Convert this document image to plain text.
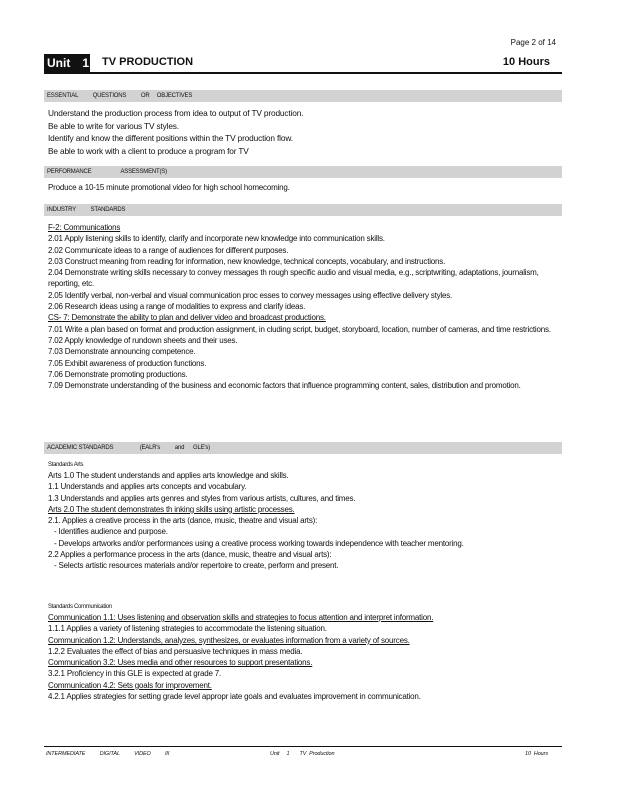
Page 2 of 14
Unit 1 TV PRODUCTION	10 Hours
ESSENTIAL          QUESTIONS          OR     OBJECTIVES
Understand the production process from idea to output of TV production.
Be able to write for various TV styles.
Identify and know the different positions within the TV production flow.
Be able to work with a client to produce a program for TV
PERFORMANCE                    ASSESSMENT(S)
Produce a 10-15 minute promotional video for high school homecoming.
INDUSTRY          STANDARDS
F-2: Communications
2.01 Apply listening skills to identify, clarify and incorporate new knowledge into communication skills.
2.02 Communicate ideas to a range of audiences for different purposes.
2.03 Construct meaning from reading for information, new knowledge, technical concepts, vocabulary, and instructions.
2.04 Demonstrate writing skills necessary to convey messages th rough specific audio and visual media, e.g., scriptwriting, adaptations, journalism, reporting, etc.
2.05 Identify verbal, non-verbal and visual communication proc esses to convey messages using effective delivery styles.
2.06 Research ideas using a range of modalities to express and clarify ideas.
CS- 7: Demonstrate the ability to plan and deliver video and broadcast productions.
7.01 Write a plan based on format and production assignment, in cluding script, budget, storyboard, location, number of cameras, and time restrictions.
7.02 Apply knowledge of rundown sheets and their uses.
7.03 Demonstrate announcing competence.
7.05 Exhibit awareness of production functions.
7.06 Demonstrate promoting productions.
7.09 Demonstrate understanding of the business and economic factors that influence programming content, sales, distribution and promotion.
ACADEMIC STANDARDS                  (EALR's          and      GLE's)
Standards Arts
Arts 1.0 The student understands and applies arts knowledge and skills.
1.1 Understands and applies arts concepts and vocabulary.
1.3 Understands and applies arts genres and styles from various artists, cultures, and times.
Arts 2.0 The student demonstrates th inking skills using artistic processes.
2.1. Applies a creative process in the arts (dance, music, theatre and visual arts):
- Identifies audience and purpose.
- Develops artworks and/or performances using a creative process working towards independence with teacher mentoring.
2.2 Applies a performance process in the arts (dance, music, theatre and visual arts):
- Selects artistic resources materials and/or repertoire to create, perform and present.
Standards Communication
Communication 1.1: Uses listening and observation skills and strategies to focus attention and interpret information.
1.1.1 Applies a variety of listening strategies to accommodate the listening situation.
Communication 1.2: Understands, analyzes, synthesizes, or evaluates information from a variety of sources.
1.2.2 Evaluates the effect of bias and persuasive techniques in mass media.
Communication 3.2: Uses media and other resources to support presentations.
3.2.1 Proficiency in this GLE is expected at grade 7.
Communication 4.2: Sets goals for improvement.
4.2.1 Applies strategies for setting grade level appropr iate goals and evaluates improvement in communication.
INTERMEDIATE          DIGITAL          VIDEO          III	Unit     1       TV  Production	10  Hours
